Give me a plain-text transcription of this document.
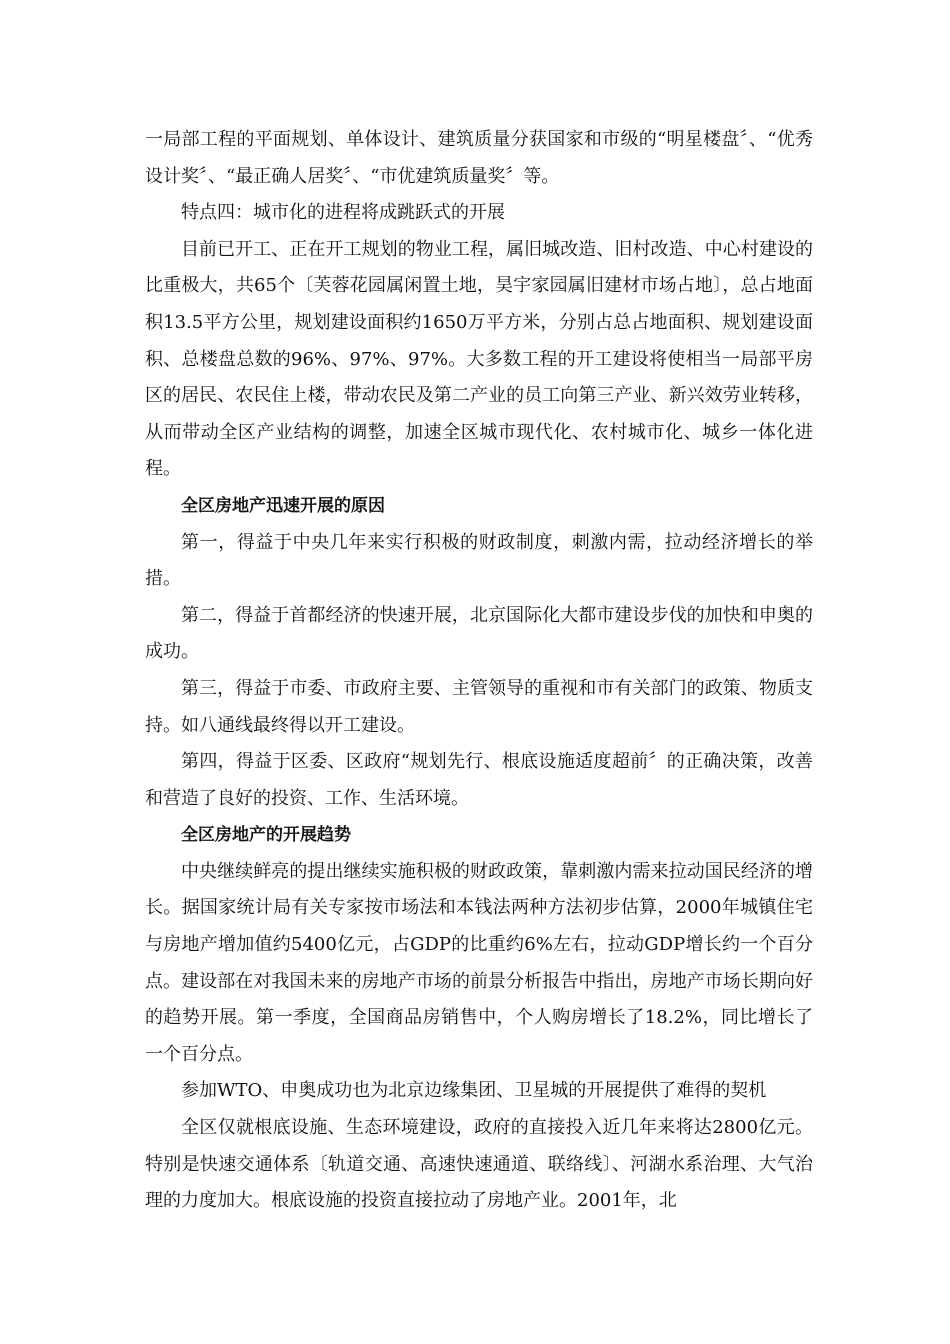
一局部工程的平面规划、单体设计、建筑质量分获国家和市级的“明星楼盘〞、“优秀设计奖〞、“最正确人居奖〞、“市优建筑质量奖〞等。

特点四：城市化的进程将成跳跃式的开展

目前已开工、正在开工规划的物业工程，属旧城改造、旧村改造、中心村建设的比重极大，共65个〔芙蓉花园属闲置土地，昊宇家园属旧建材市场占地〕，总占地面积13.5平方公里，规划建设面积约1650万平方米，分别占总占地面积、规划建设面积、总楼盘总数的96%、97%、97%。大多数工程的开工建设将使相当一局部平房区的居民、农民住上楼，带动农民及第二产业的员工向第三产业、新兴效劳业转移，从而带动全区产业结构的调整，加速全区城市现代化、农村城市化、城乡一体化进程。

全区房地产迅速开展的原因

第一，得益于中央几年来实行积极的财政制度，刺激内需，拉动经济增长的举措。

第二，得益于首都经济的快速开展，北京国际化大都市建设步伐的加快和申奥的成功。

第三，得益于市委、市政府主要、主管领导的重视和市有关部门的政策、物质支持。如八通线最终得以开工建设。

第四，得益于区委、区政府“规划先行、根底设施适度超前〞的正确决策，改善和营造了良好的投资、工作、生活环境。

全区房地产的开展趋势

中央继续鲜亮的提出继续实施积极的财政政策，靠刺激内需来拉动国民经济的增长。据国家统计局有关专家按市场法和本钱法两种方法初步估算，2000年城镇住宅与房地产增加值约5400亿元，占GDP的比重约6%左右，拉动GDP增长约一个百分点。建设部在对我国未来的房地产市场的前景分析报告中指出，房地产市场长期向好的趋势开展。第一季度，全国商品房销售中，个人购房增长了18.2%，同比增长了一个百分点。

参加WTO、申奥成功也为北京边缘集团、卫星城的开展提供了难得的契机

全区仅就根底设施、生态环境建设，政府的直接投入近几年来将达2800亿元。特别是快速交通体系〔轨道交通、高速快速通道、联络线〕、河湖水系治理、大气治理的力度加大。根底设施的投资直接拉动了房地产业。2001年，北
